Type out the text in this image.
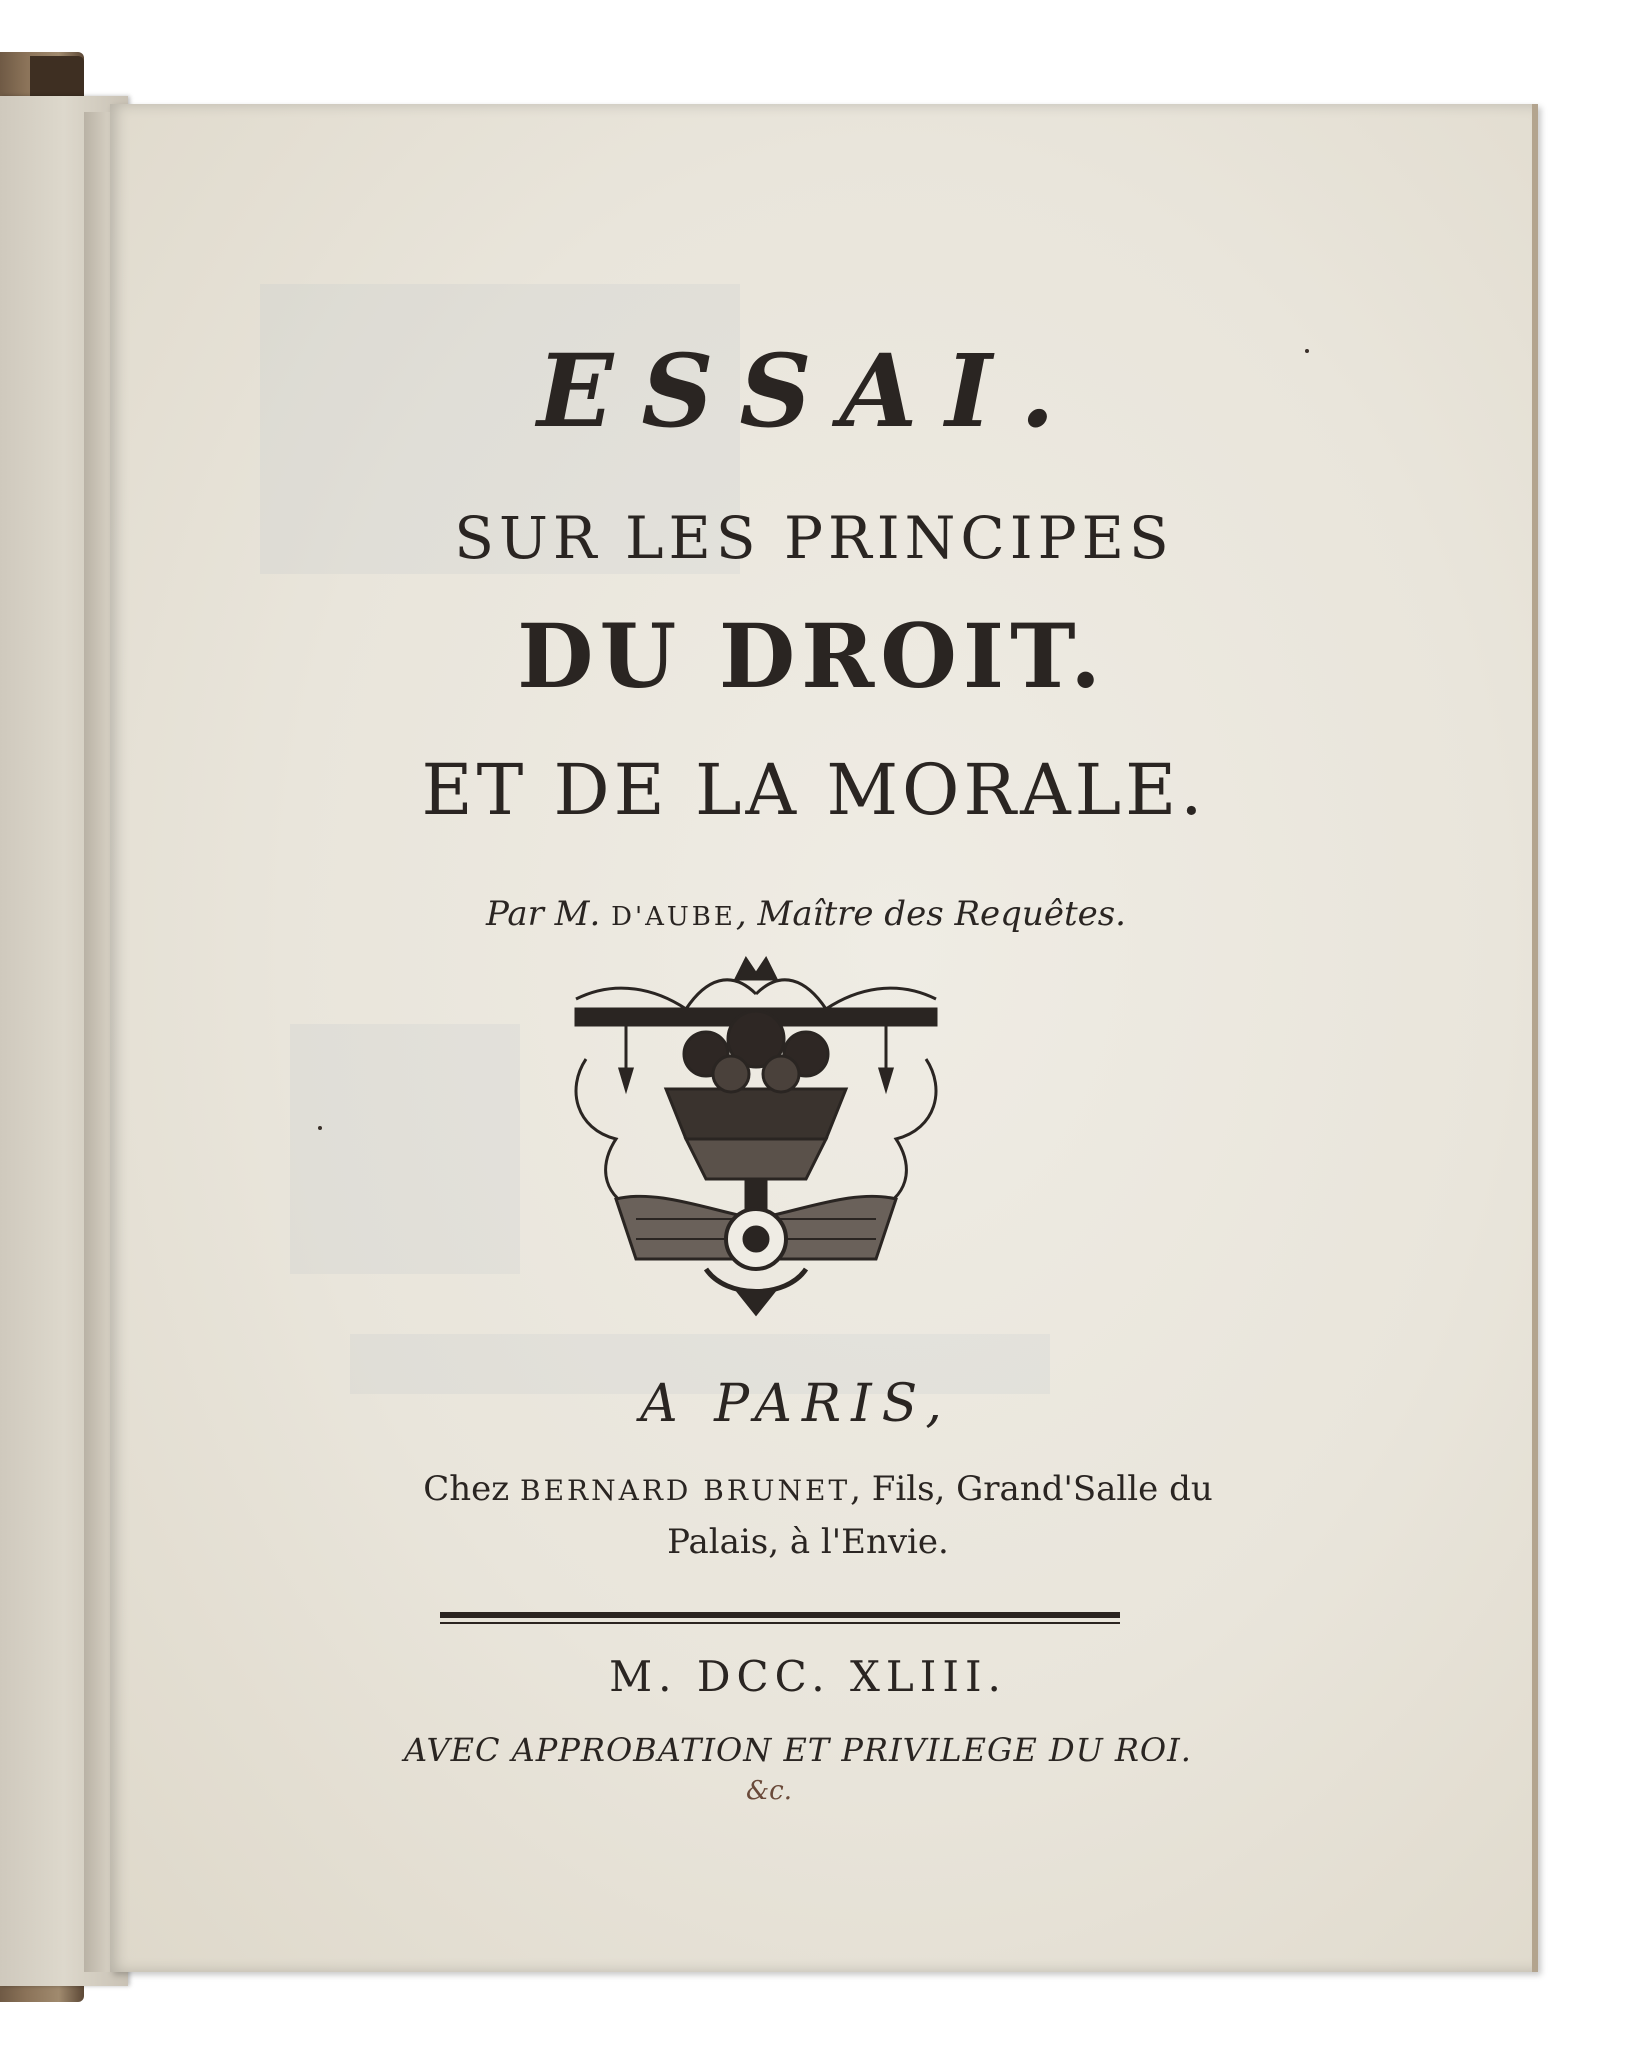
ESSAI.

SUR LES PRINCIPES

DU DROIT.

ET DE LA MORALE.

Par M. D'AUBE, Maître des Requêtes.

A PARIS,

Chez BERNARD BRUNET, Fils, Grand'Salle du

Palais, à l'Envie.

M. DCC. XLIII.

AVEC APPROBATION ET PRIVILEGE DU ROI.

&c.
